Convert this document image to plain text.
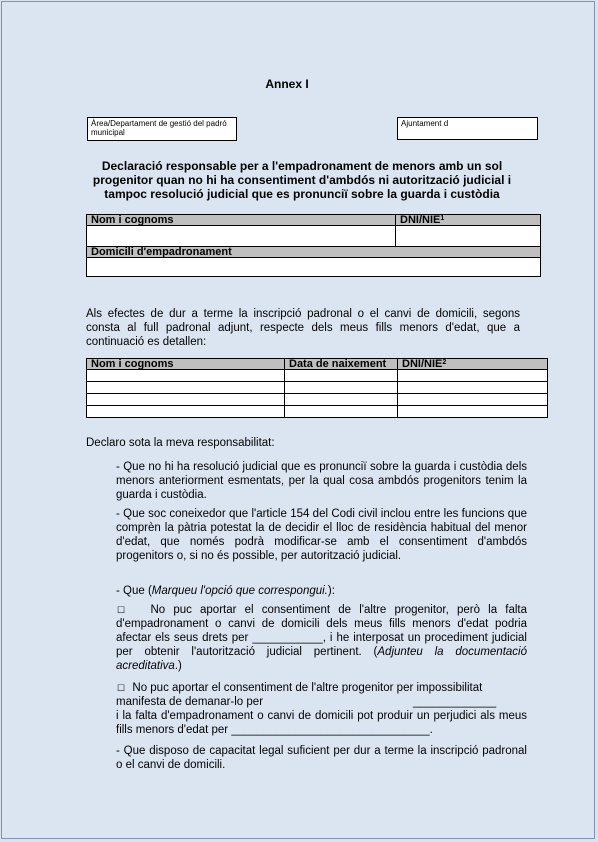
Annex I
Àrea/Departament de gestió del padró municipal
Ajuntament d
Declaració responsable per a l'empadronament de menors amb un sol progenitor quan no hi ha consentiment d'ambdós ni autorització judicial i tampoc resolució judicial que es pronunciï sobre la guarda i custòdia
Nom i cognoms	DNI/NIE$^1$

Domicili d'empadronament	

Als efectes de dur a terme la inscripció padronal o el canvi de domicili, segons consta al full padronal adjunt, respecte dels meus fills menors d'edat, que a continuació es detallen:
Nom i cognoms	Data de naixement	DNI/NIE$^2$

Declaro sota la meva responsabilitat:
- Que no hi ha resolució judicial que es pronunciï sobre la guarda i custòdia dels menors anteriorment esmentats, per la qual cosa ambdós progenitors tenim la guarda i custòdia.
- Que soc coneixedor que l'article 154 del Codi civil inclou entre les funcions que comprèn la pàtria potestat la de decidir el lloc de residència habitual del menor d'edat, que només podrà modificar-se amb el consentiment d'ambdós progenitors o, si no és possible, per autorització judicial.
- Que (Marqueu l'opció que correspongui.):
☐ No puc aportar el consentiment de l'altre progenitor, però la falta d'empadronament o canvi de domicili dels meus fills menors d'edat podria afectar els seus drets per ___________, i he interposat un procediment judicial per obtenir l'autorització judicial pertinent. (Adjunteu la documentació acreditativa.)
☐ No puc aportar el consentiment de l'altre progenitor per impossibilitat
manifesta de demanar-lo per	_____________
i la falta d'empadronament o canvi de domicili pot produir un perjudici als meus fills menors d'edat per _______________________________.
- Que disposo de capacitat legal suficient per dur a terme la inscripció padronal o el canvi de domicili.
